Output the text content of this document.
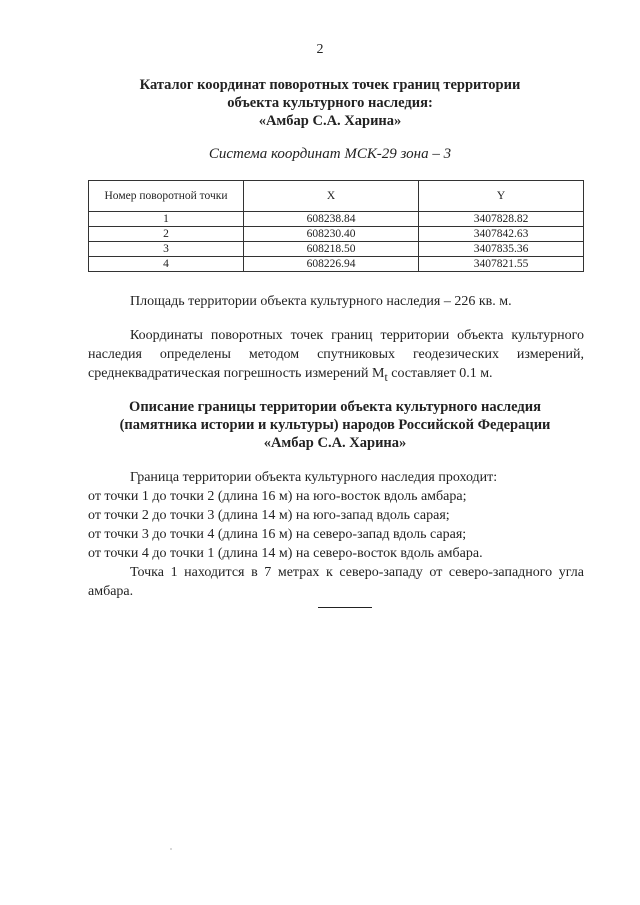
2
Каталог координат поворотных точек границ территории
объекта культурного наследия:
«Амбар С.А. Харина»
Система координат МСК-29 зона – 3
Номер поворотной точки	X	Y
1	608238.84	3407828.82
2	608230.40	3407842.63
3	608218.50	3407835.36
4	608226.94	3407821.55
Площадь территории объекта культурного наследия – 226 кв. м.
Координаты поворотных точек границ территории объекта культурного наследия определены методом спутниковых геодезических измерений, среднеквадратическая погрешность измерений $M_t$ составляет 0.1 м.
Описание границы территории объекта культурного наследия
(памятника истории и культуры) народов Российской Федерации
«Амбар С.А. Харина»
Граница территории объекта культурного наследия проходит:
от точки 1 до точки 2 (длина 16 м) на юго-восток вдоль амбара;
от точки 2 до точки 3 (длина 14 м) на юго-запад вдоль сарая;
от точки 3 до точки 4 (длина 16 м) на северо-запад вдоль сарая;
от точки 4 до точки 1 (длина 14 м) на северо-восток вдоль амбара.
Точка 1 находится в 7 метрах к северо-западу от северо-западного угла амбара.
